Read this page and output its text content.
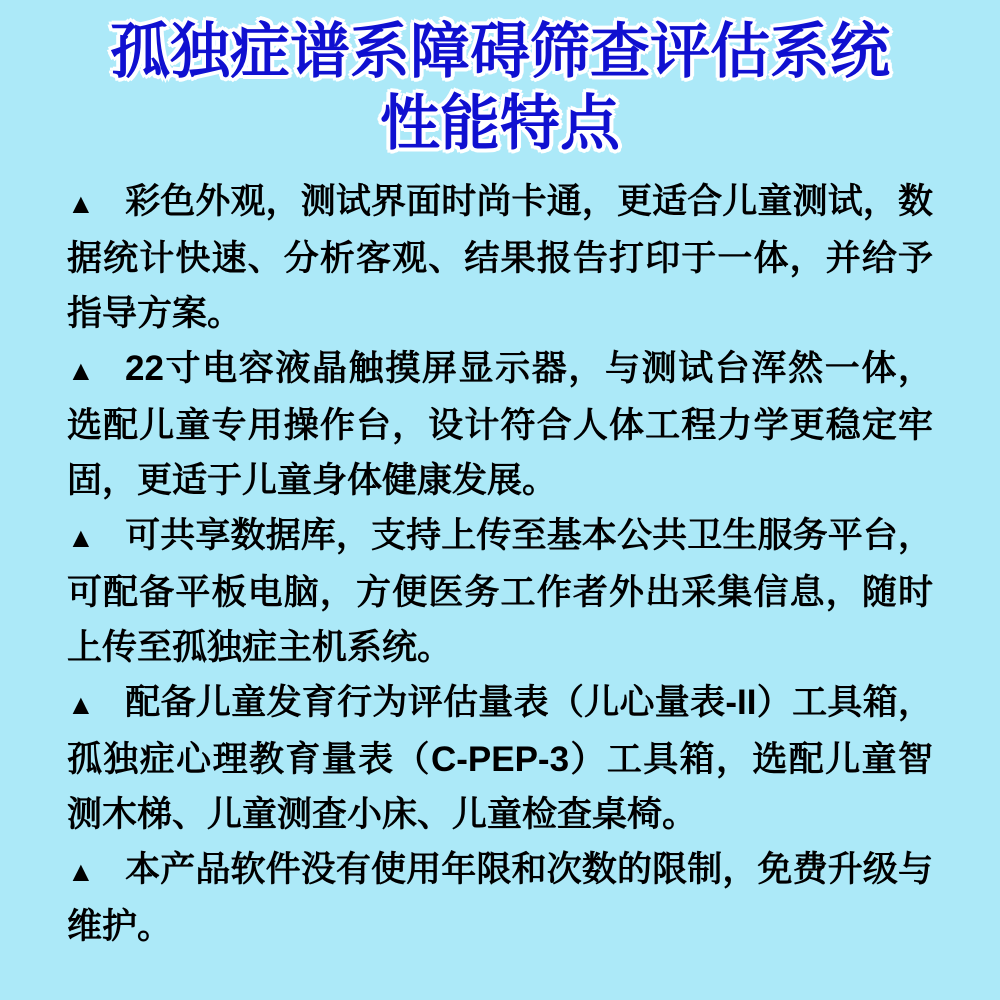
孤独症谱系障碍筛查评估系统
性能特点

▲ 彩色外观，测试界面时尚卡通，更适合儿童测试，数据统计快速、分析客观、结果报告打印于一体，并给予指导方案。

▲ 22寸电容液晶触摸屏显示器，与测试台浑然一体，选配儿童专用操作台，设计符合人体工程力学更稳定牢固，更适于儿童身体健康发展。

▲ 可共享数据库，支持上传至基本公共卫生服务平台，可配备平板电脑，方便医务工作者外出采集信息，随时上传至孤独症主机系统。

▲ 配备儿童发育行为评估量表（儿心量表-II）工具箱，孤独症心理教育量表（C-PEP-3）工具箱，选配儿童智测木梯、儿童测查小床、儿童检查桌椅。

▲ 本产品软件没有使用年限和次数的限制，免费升级与维护。
